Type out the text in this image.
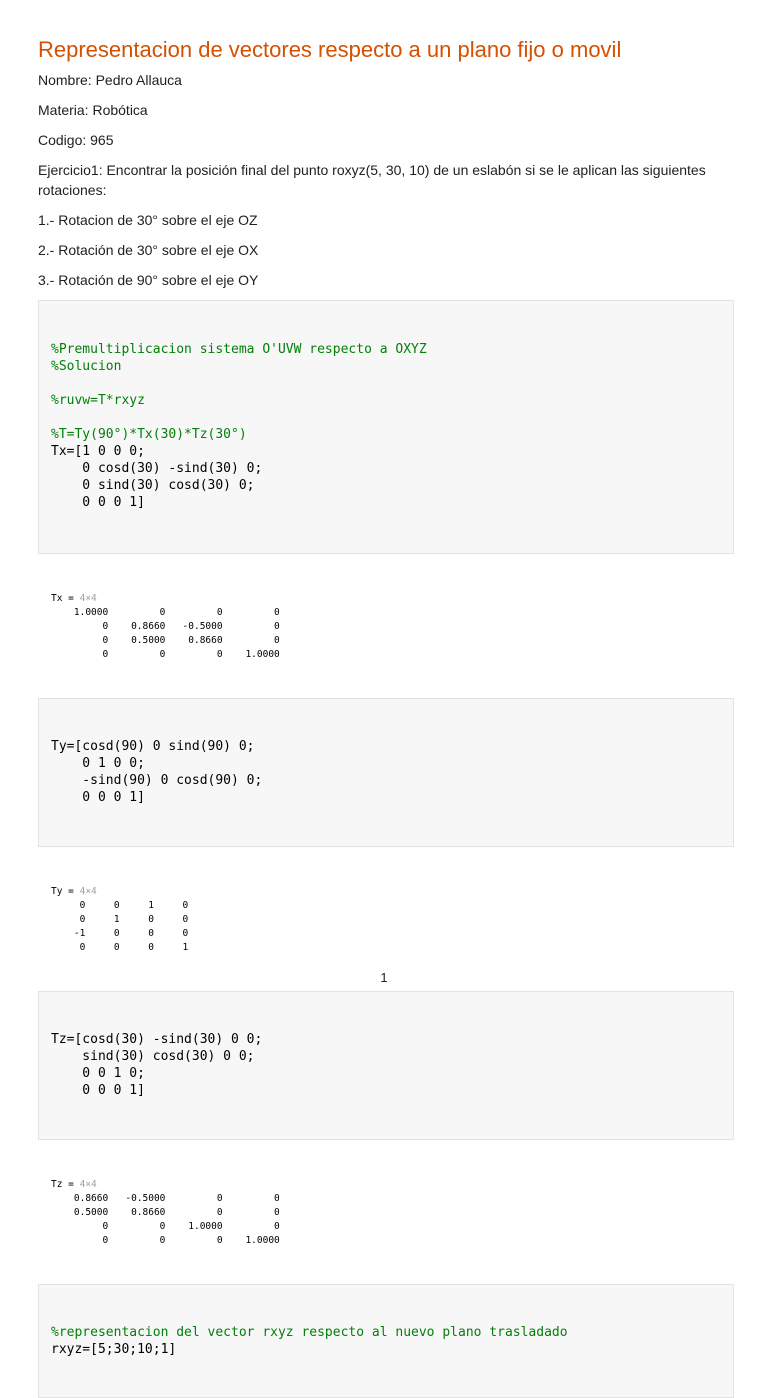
Representacion de vectores respecto a un plano fijo o movil

Nombre: Pedro Allauca

Materia: Robótica

Codigo: 965

Ejercicio1: Encontrar la posición final del punto roxyz(5, 30, 10) de un eslabón si se le aplican las siguientes rotaciones:

1.- Rotacion de 30° sobre el eje OZ

2.- Rotación de 30° sobre el eje OX

3.- Rotación de 90° sobre el eje OY

%Premultiplicacion sistema O'UVW respecto a OXYZ
%Solucion
%ruvw=T*rxyz
%T=Ty(90°)*Tx(30)*Tz(30°)
Tx=[1 0 0 0;
0 cosd(30) -sind(30) 0;
0 sind(30) cosd(30) 0;
0 0 0 1]

Tx = 4×4
1.0000         0         0         0
0    0.8660   -0.5000         0
0    0.5000    0.8660         0
0         0         0    1.0000

Ty=[cosd(90) 0 sind(90) 0;
0 1 0 0;
-sind(90) 0 cosd(90) 0;
0 0 0 1]

Ty = 4×4
0     0     1     0
0     1     0     0
-1     0     0     0
0     0     0     1

Tz=[cosd(30) -sind(30) 0 0;
sind(30) cosd(30) 0 0;
0 0 1 0;
0 0 0 1]

Tz = 4×4
0.8660   -0.5000         0         0
0.5000    0.8660         0         0
0         0    1.0000         0
0         0         0    1.0000

%representacion del vector rxyz respecto al nuevo plano trasladado
rxyz=[5;30;10;1]

1
